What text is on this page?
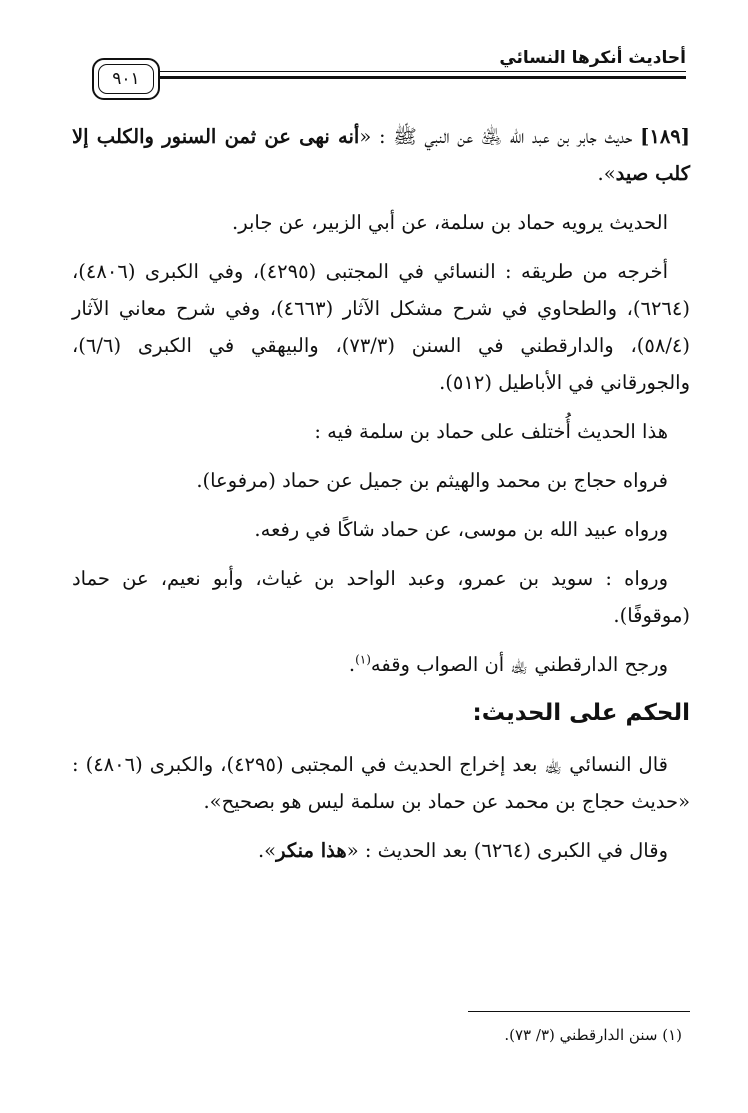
أحاديث أنكرها النسائي
٩٠١

[١٨٩] حديث جابر بن عبد الله ﵁ عن النبي ﷺ : «أنه نهى عن ثمن السنور والكلب إلا كلب صيد».

الحديث يرويه حماد بن سلمة، عن أبي الزبير، عن جابر.

أخرجه من طريقه : النسائي في المجتبى (٤٢٩٥)، وفي الكبرى (٤٨٠٦)، (٦٢٦٤)، والطحاوي في شرح مشكل الآثار (٤٦٦٣)، وفي شرح معاني الآثار (٥٨/٤)، والدارقطني في السنن (٧٣/٣)، والبيهقي في الكبرى (٦/٦)، والجورقاني في الأباطيل (٥١٢).

هذا الحديث أُختلف على حماد بن سلمة فيه :

فرواه حجاج بن محمد والهيثم بن جميل عن حماد (مرفوعا).

ورواه عبيد الله بن موسى، عن حماد شاكًا في رفعه.

ورواه : سويد بن عمرو، وعبد الواحد بن غياث، وأبو نعيم، عن حماد (موقوفًا).

ورجح الدارقطني ﵀ أن الصواب وقفه$^{(١)}$.

الحكم على الحديث:

قال النسائي ﵀ بعد إخراج الحديث في المجتبى (٤٢٩٥)، والكبرى (٤٨٠٦) : «حديث حجاج بن محمد عن حماد بن سلمة ليس هو بصحيح».

وقال في الكبرى (٦٢٦٤) بعد الحديث : «هذا منكر».

(١) سنن الدارقطني (٣/ ٧٣).
